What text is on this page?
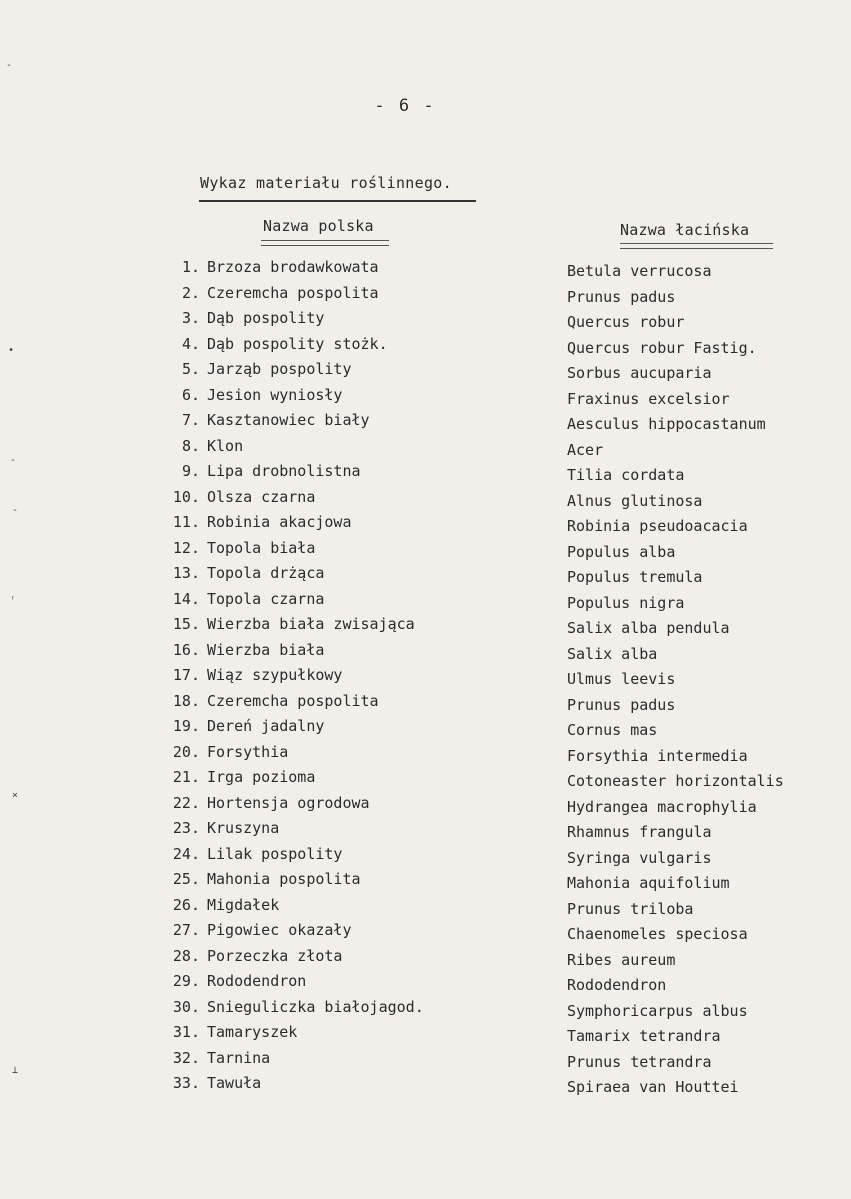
- 6 -
Wykaz materiału roślinnego.
Nazwa polska	Nazwa łacińska
1. Brzoza brodawkowata	Betula verrucosa
2. Czeremcha pospolita	Prunus padus
3. Dąb pospolity	Quercus robur
4. Dąb pospolity stożk.	Quercus robur Fastig.
5. Jarząb pospolity	Sorbus aucuparia
6. Jesion wyniosły	Fraxinus excelsior
7. Kasztanowiec biały	Aesculus hippocastanum
8. Klon	Acer
9. Lipa drobnolistna	Tilia cordata
10. Olsza czarna	Alnus glutinosa
11. Robinia akacjowa	Robinia pseudoacacia
12. Topola biała	Populus alba
13. Topola drżąca	Populus tremula
14. Topola czarna	Populus nigra
15. Wierzba biała zwisająca	Salix alba pendula
16. Wierzba biała	Salix alba
17. Wiąz szypułkowy	Ulmus leevis
18. Czeremcha pospolita	Prunus padus
19. Dereń jadalny	Cornus mas
20. Forsythia	Forsythia intermedia
21. Irga pozioma	Cotoneaster horizontalis
22. Hortensja ogrodowa	Hydrangea macrophylia
23. Kruszyna	Rhamnus frangula
24. Lilak pospolity	Syringa vulgaris
25. Mahonia pospolita	Mahonia aquifolium
26. Migdałek	Prunus triloba
27. Pigowiec okazały	Chaenomeles speciosa
28. Porzeczka złota	Ribes aureum
29. Rododendron	Rododendron
30. Snieguliczka białojagod.	Symphoricarpus albus
31. Tamaryszek	Tamarix tetrandra
32. Tarnina	Prunus tetrandra
33. Tawuła	Spiraea van Houttei
-
•
-
-
ʳ
×
⊥
